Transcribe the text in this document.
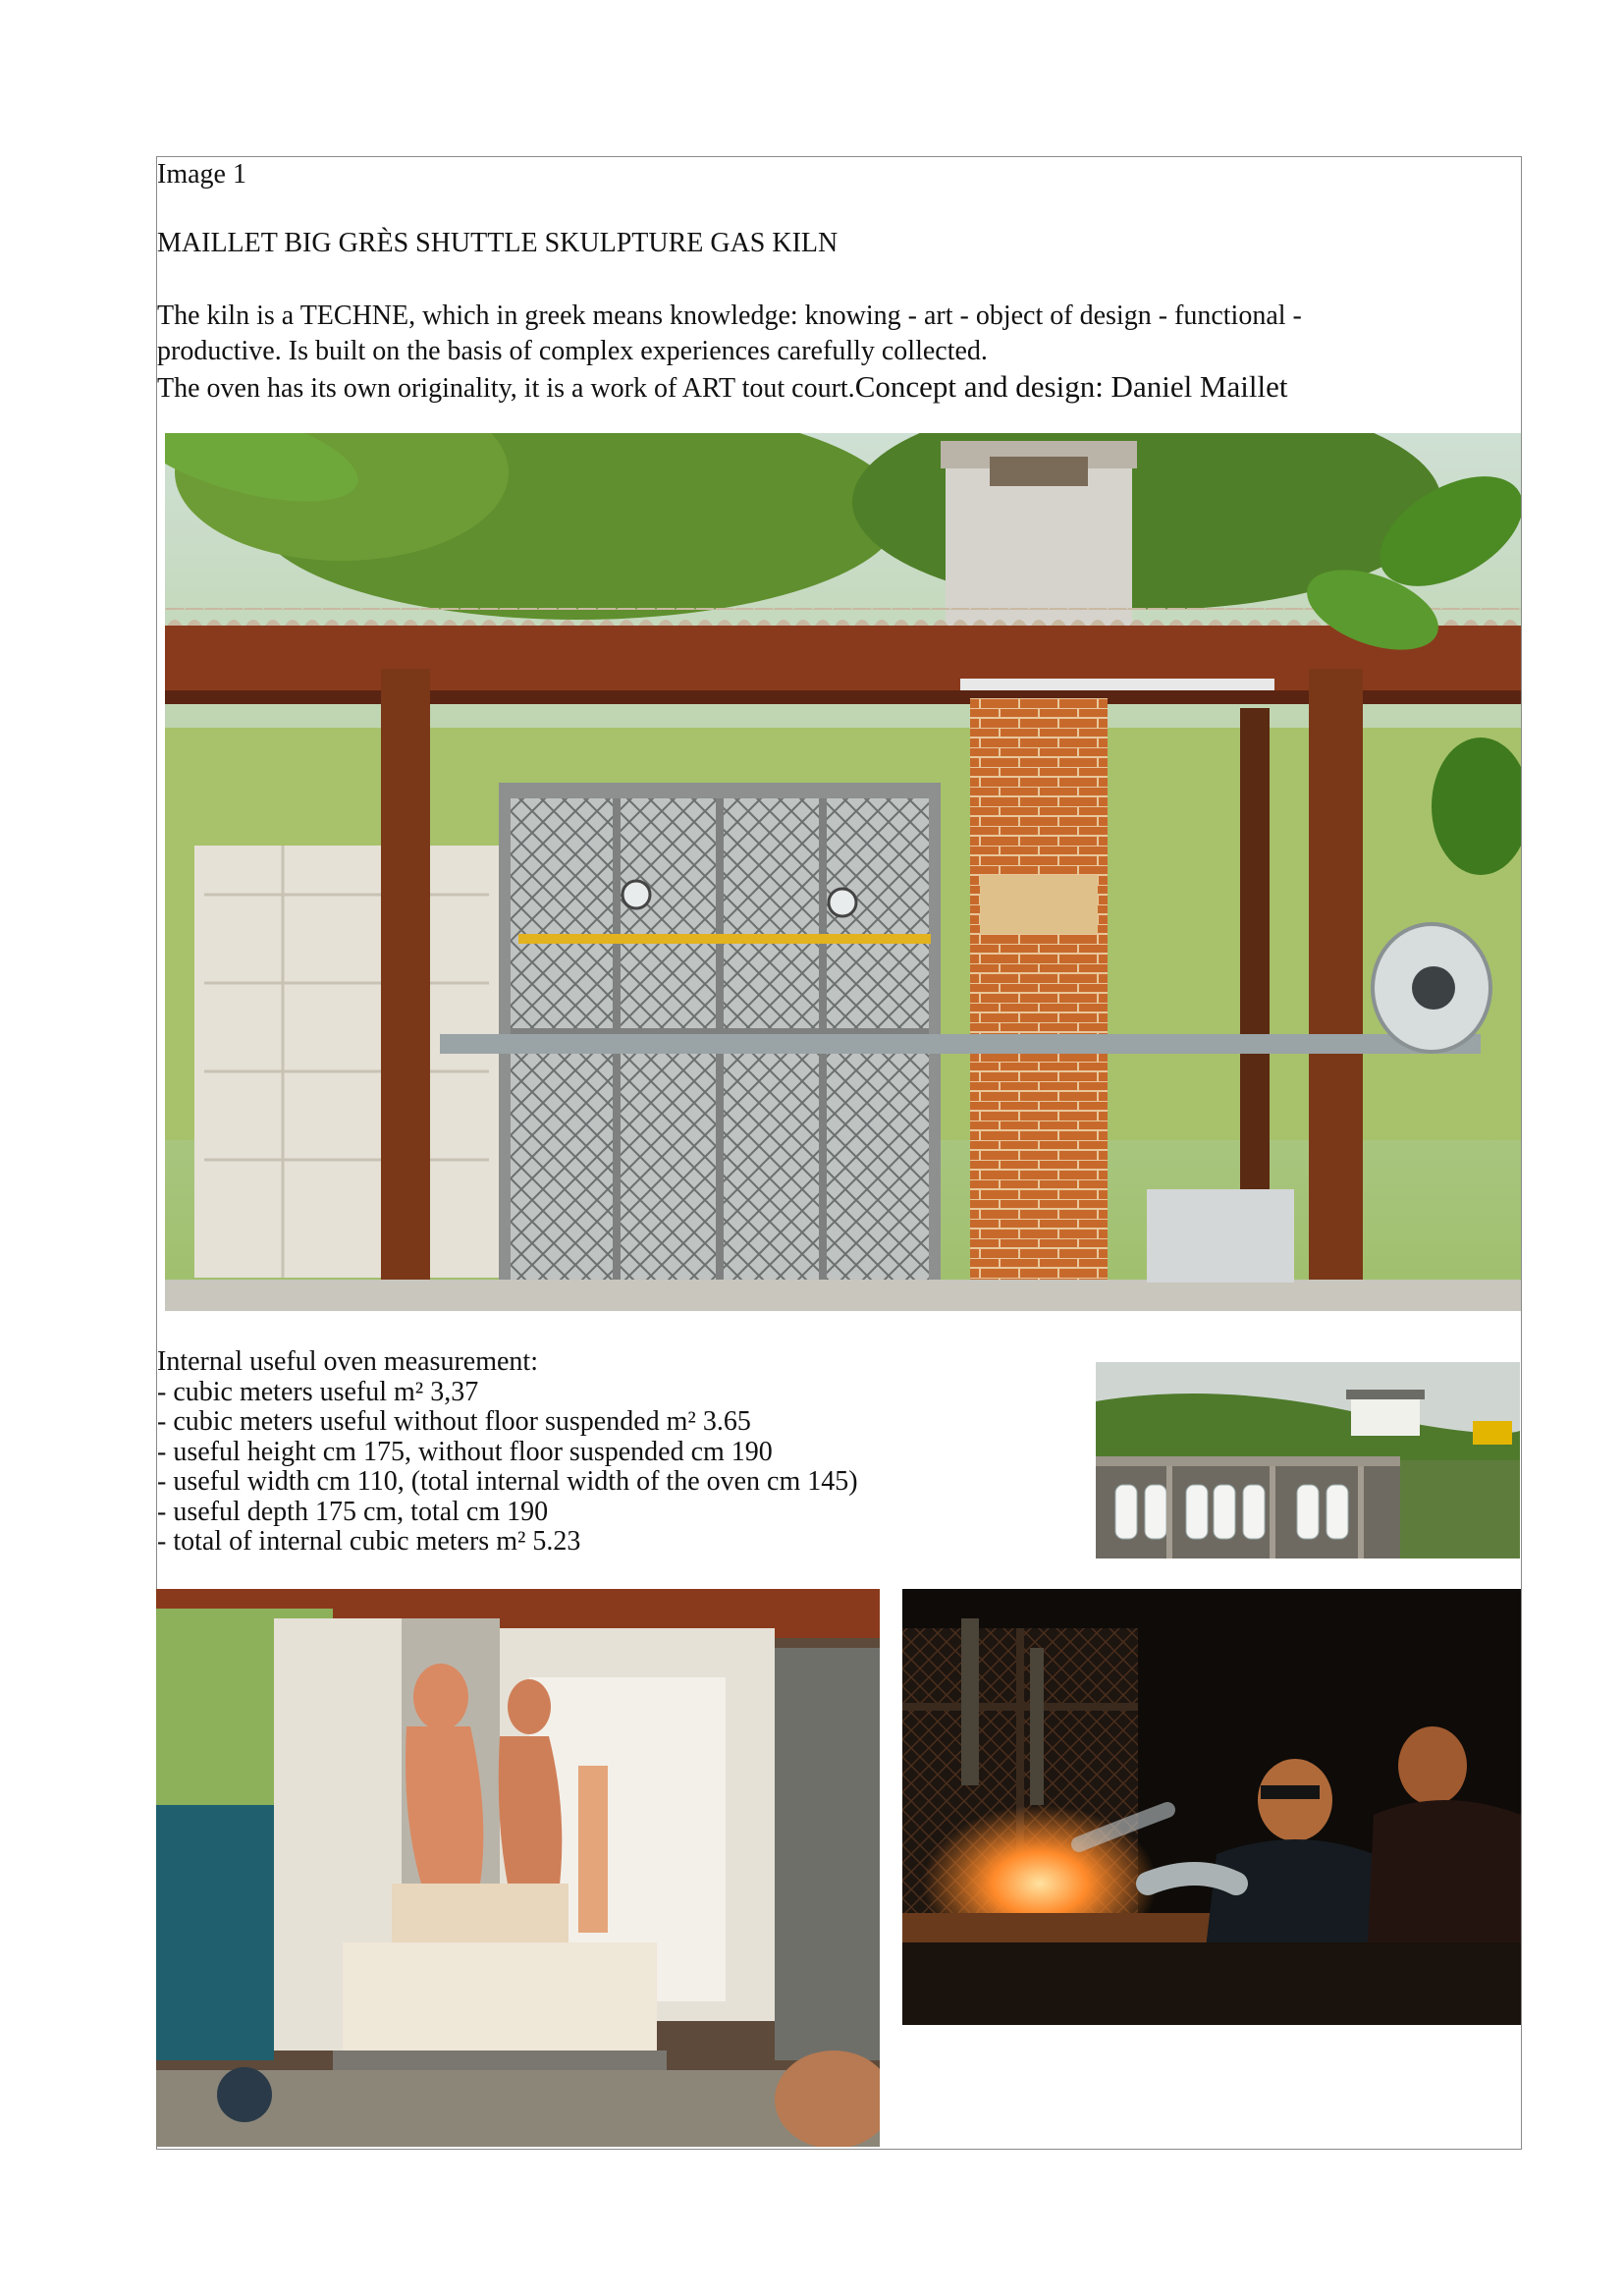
Image 1
MAILLET BIG GRÈS SHUTTLE SKULPTURE GAS KILN
The kiln is a TECHNE, which in greek means knowledge: knowing - art - object of design - functional -
productive. Is built on the basis of complex experiences carefully collected.
The oven has its own originality, it is a work of ART tout court.Concept and design: Daniel Maillet
Internal useful oven measurement:
- cubic meters useful m² 3,37
- cubic meters useful without floor suspended m² 3.65
- useful height cm 175, without floor suspended cm 190
- useful width cm 110, (total internal width of the oven cm 145)
- useful depth 175 cm, total cm 190
- total of internal cubic meters m² 5.23
